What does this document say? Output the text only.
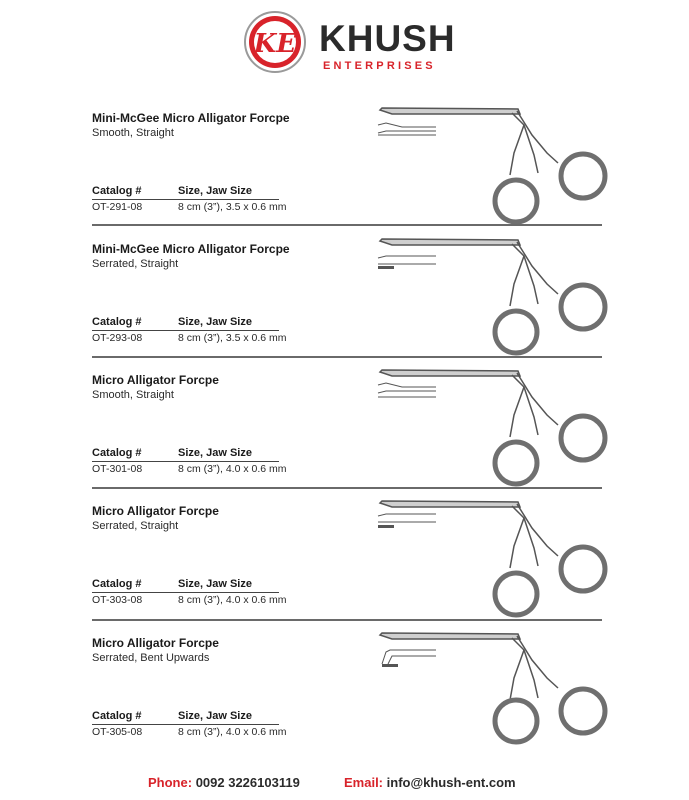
KE KHUSH
ENTERPRISES
Mini-McGee Micro Alligator Forcpe
Smooth, Straight
Catalog #	Size, Jaw Size
OT-291-08	8 cm (3”), 3.5 x 0.6 mm
Mini-McGee Micro Alligator Forcpe
Serrated, Straight
Catalog #	Size, Jaw Size
OT-293-08	8 cm (3”), 3.5 x 0.6 mm
Micro Alligator Forcpe
Smooth, Straight
Catalog #	Size, Jaw Size
OT-301-08	8 cm (3”), 4.0 x 0.6 mm
Micro Alligator Forcpe
Serrated, Straight
Catalog #	Size, Jaw Size
OT-303-08	8 cm (3”), 4.0 x 0.6 mm
Micro Alligator Forcpe
Serrated, Bent Upwards
Catalog #	Size, Jaw Size
OT-305-08	8 cm (3”), 4.0 x 0.6 mm
Phone: 0092 3226103119	Email: info@khush-ent.com
